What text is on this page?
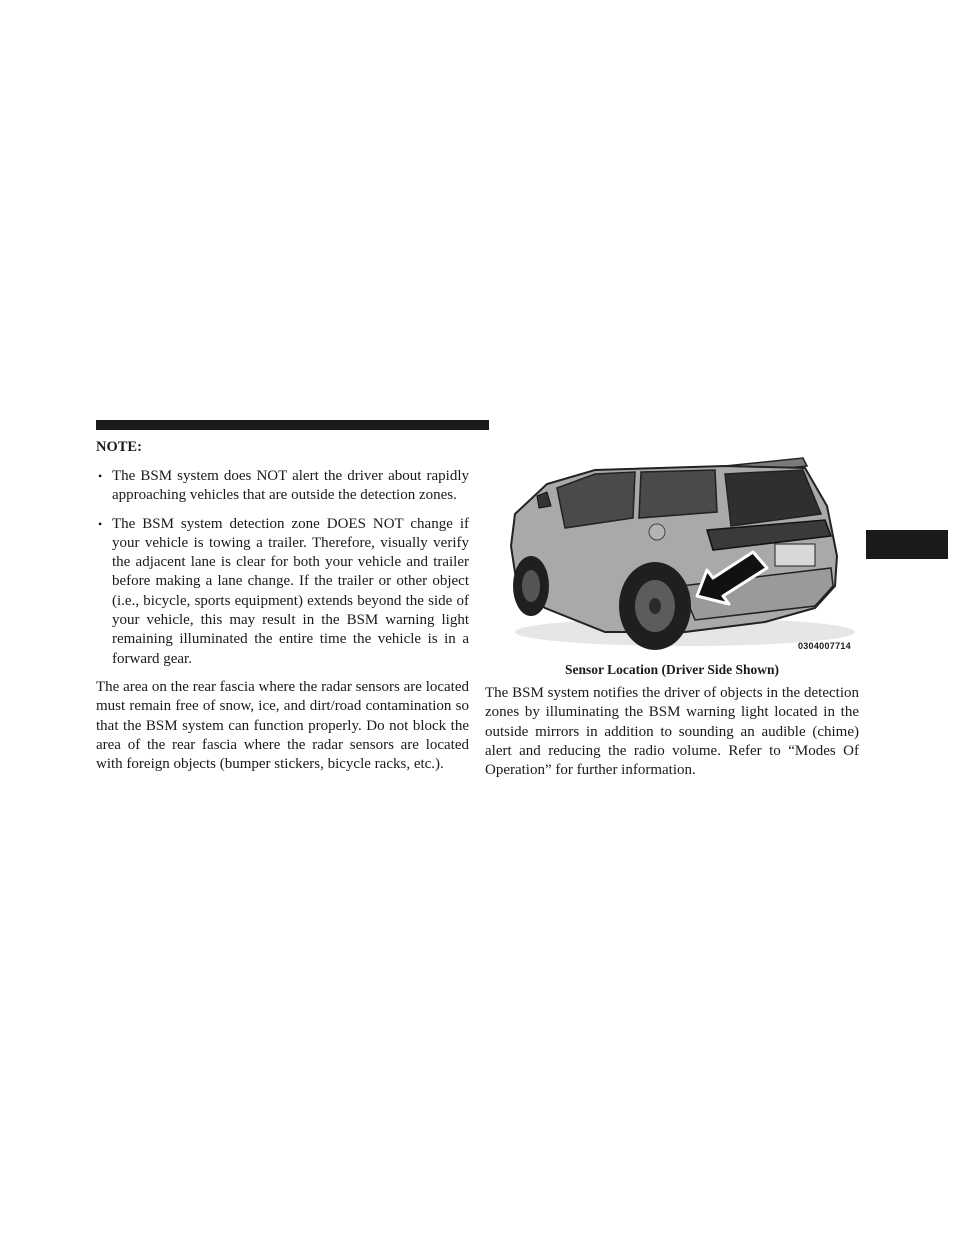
NOTE:
• The BSM system does NOT alert the driver about rapidly approaching vehicles that are outside the detection zones.
• The BSM system detection zone DOES NOT change if your vehicle is towing a trailer. Therefore, visually verify the adjacent lane is clear for both your vehicle and trailer before making a lane change. If the trailer or other object (i.e., bicycle, sports equipment) extends beyond the side of your vehicle, this may result in the BSM warning light remaining illuminated the entire time the vehicle is in a forward gear.

The area on the rear fascia where the radar sensors are located must remain free of snow, ice, and dirt/road contamination so that the BSM system can function properly. Do not block the area of the rear fascia where the radar sensors are located with foreign objects (bumper stickers, bicycle racks, etc.).

0304007714
Sensor Location (Driver Side Shown)

The BSM system notifies the driver of objects in the detection zones by illuminating the BSM warning light located in the outside mirrors in addition to sounding an audible (chime) alert and reducing the radio volume. Refer to “Modes Of Operation” for further information.
